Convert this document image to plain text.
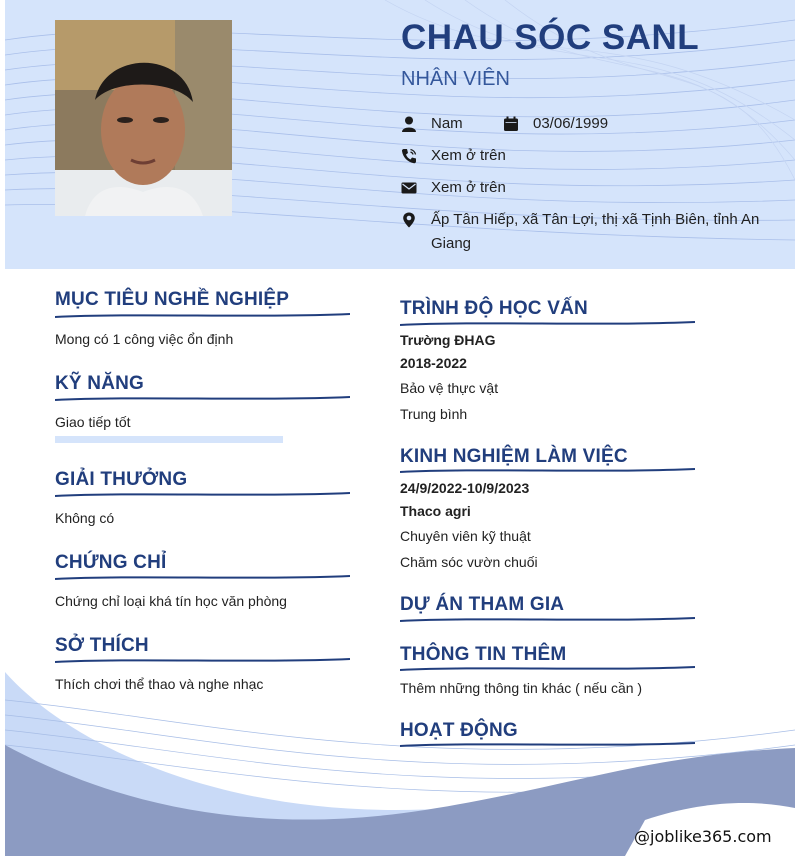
CHAU SÓC SANL
NHÂN VIÊN
Nam	03/06/1999
Xem ở trên
Xem ở trên
Ấp Tân Hiếp, xã Tân Lợi, thị xã Tịnh Biên, tỉnh An Giang
MỤC TIÊU NGHỀ NGHIỆP
Mong có 1 công việc ổn định
KỸ NĂNG
Giao tiếp tốt
GIẢI THƯỞNG
Không có
CHỨNG CHỈ
Chứng chỉ loại khá tín học văn phòng
SỞ THÍCH
Thích chơi thể thao và nghe nhạc
TRÌNH ĐỘ HỌC VẤN
Trường ĐHAG
2018-2022
Bảo vệ thực vật
Trung bình
KINH NGHIỆM LÀM VIỆC
24/9/2022-10/9/2023
Thaco agri
Chuyên viên kỹ thuật
Chăm sóc vườn chuối
DỰ ÁN THAM GIA
THÔNG TIN THÊM
Thêm những thông tin khác ( nếu cần )
HOẠT ĐỘNG
@joblike365.com
